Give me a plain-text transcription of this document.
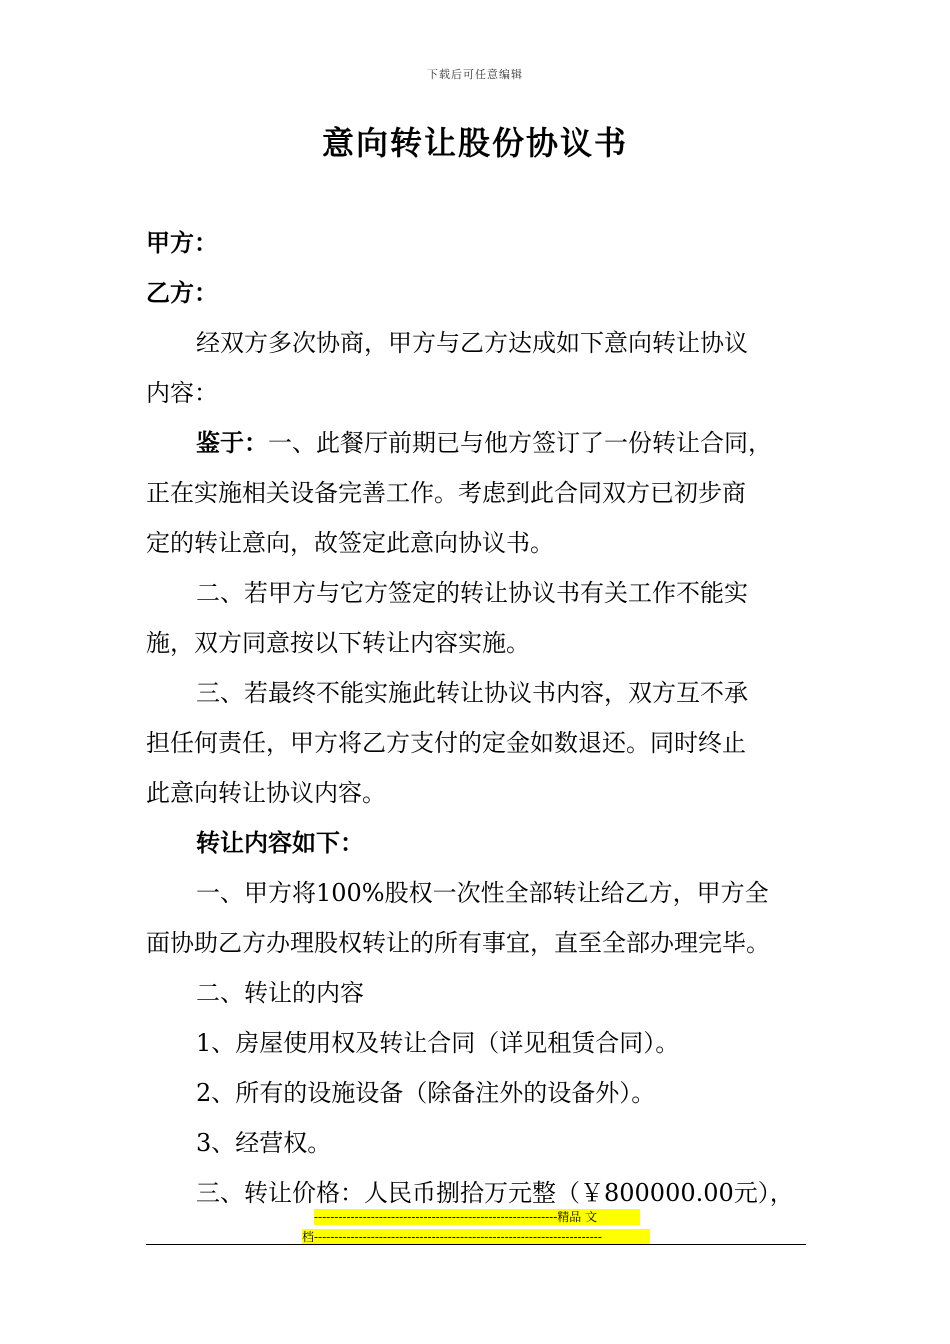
下载后可任意编辑
意向转让股份协议书
甲方：
乙方：
经双方多次协商，甲方与乙方达成如下意向转让协议
内容：
鉴于：一、此餐厅前期已与他方签订了一份转让合同，
正在实施相关设备完善工作。考虑到此合同双方已初步商
定的转让意向，故签定此意向协议书。
二、若甲方与它方签定的转让协议书有关工作不能实
施，双方同意按以下转让内容实施。
三、若最终不能实施此转让协议书内容，双方互不承
担任何责任，甲方将乙方支付的定金如数退还。同时终止
此意向转让协议内容。
转让内容如下：
一、甲方将100%股权一次性全部转让给乙方，甲方全
面协助乙方办理股权转让的所有事宜，直至全部办理完毕。
二、转让的内容
1、房屋使用权及转让合同（详见租赁合同）。
2、所有的设施设备（除备注外的设备外）。
3、经营权。
三、转让价格：人民币捌拾万元整（￥800000.00元），
------------------------------------------------------------精品 文
档-----------------------------------------------------------------------
